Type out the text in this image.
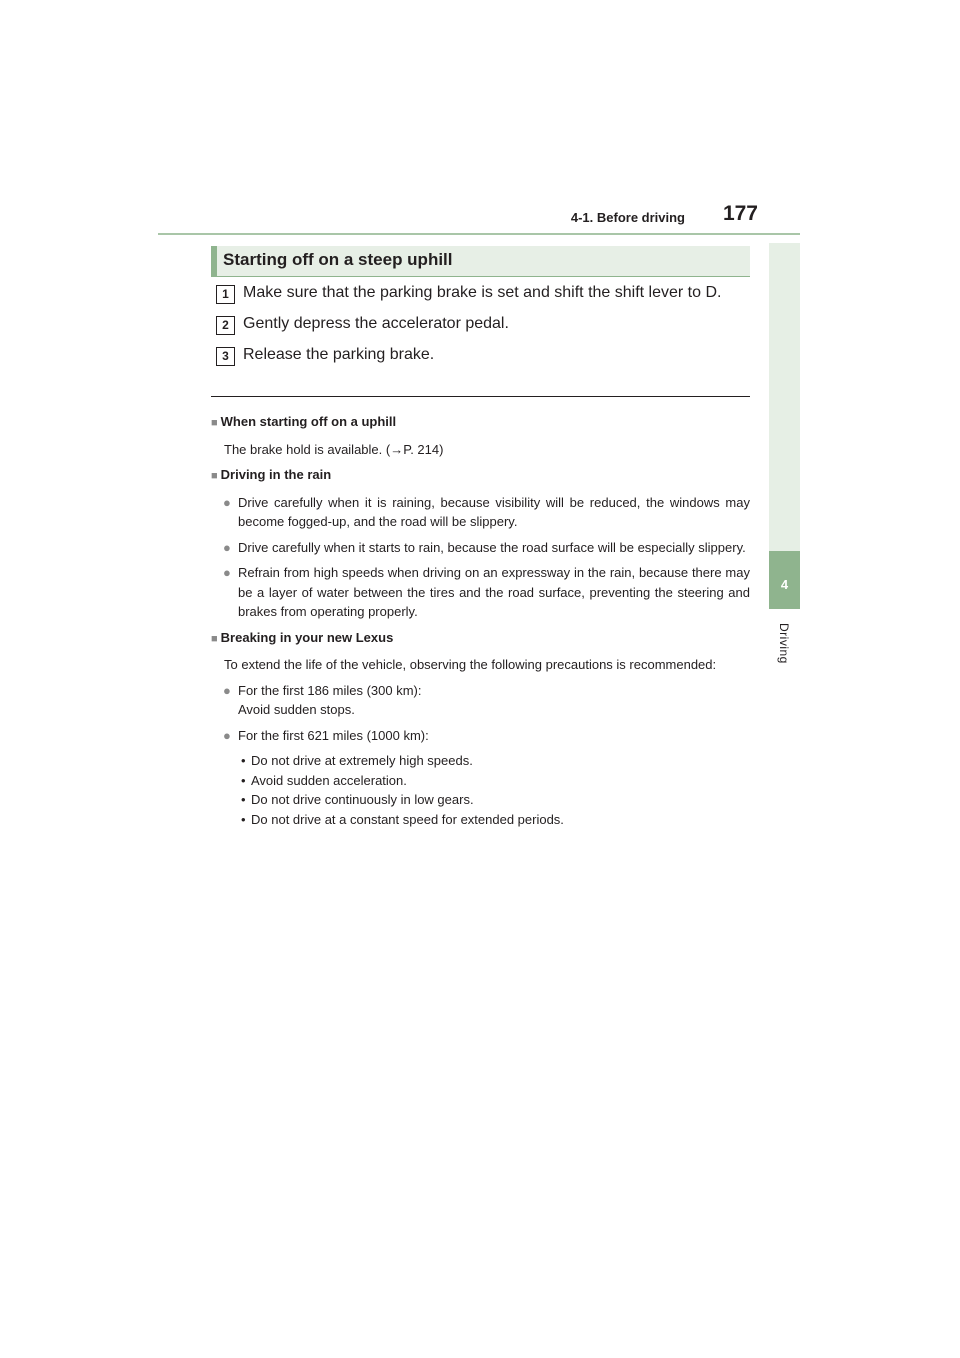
4-1. Before driving 177
4
Driving
Starting off on a steep uphill
1 Make sure that the parking brake is set and shift the shift lever to D.
2 Gently depress the accelerator pedal.
3 Release the parking brake.
■ When starting off on a uphill
The brake hold is available. (→P. 214)
■ Driving in the rain
● Drive carefully when it is raining, because visibility will be reduced, the windows may become fogged-up, and the road will be slippery.
● Drive carefully when it starts to rain, because the road surface will be especially slippery.
● Refrain from high speeds when driving on an expressway in the rain, because there may be a layer of water between the tires and the road surface, preventing the steering and brakes from operating properly.
■ Breaking in your new Lexus
To extend the life of the vehicle, observing the following precautions is recommended:
● For the first 186 miles (300 km):
Avoid sudden stops.
● For the first 621 miles (1000 km):
• Do not drive at extremely high speeds.
• Avoid sudden acceleration.
• Do not drive continuously in low gears.
• Do not drive at a constant speed for extended periods.
